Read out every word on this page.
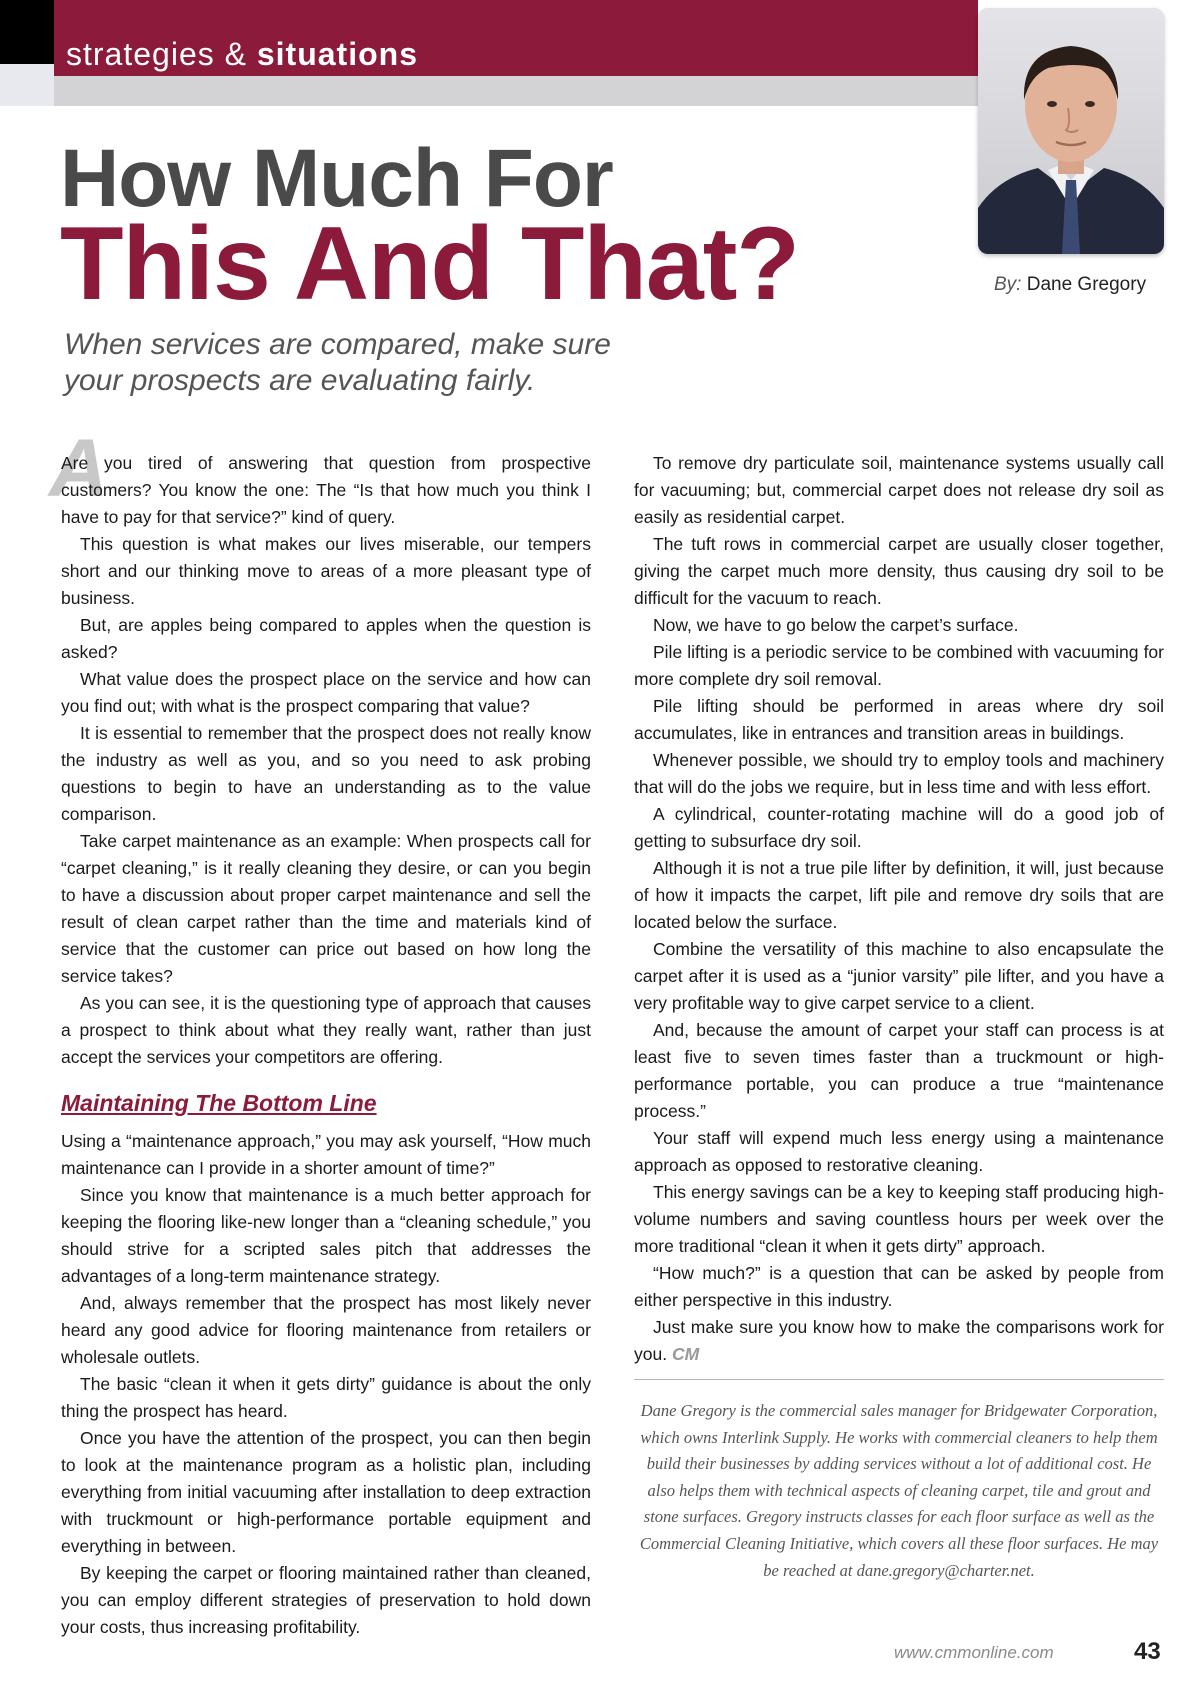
strategies & situations
By: Dane Gregory
How Much For
This And That?
When services are compared, make sure
your prospects are evaluating fairly.
A

Are you tired of answering that question from prospective customers? You know the one: The “Is that how much you think I have to pay for that service?” kind of query.

This question is what makes our lives miserable, our tempers short and our thinking move to areas of a more pleasant type of business.

But, are apples being compared to apples when the question is asked?

What value does the prospect place on the service and how can you find out; with what is the prospect comparing that value?

It is essential to remember that the prospect does not really know the industry as well as you, and so you need to ask probing questions to begin to have an understanding as to the value comparison.

Take carpet maintenance as an example: When prospects call for “carpet cleaning,” is it really cleaning they desire, or can you begin to have a discussion about proper carpet maintenance and sell the result of clean carpet rather than the time and materials kind of service that the customer can price out based on how long the service takes?

As you can see, it is the questioning type of approach that causes a prospect to think about what they really want, rather than just accept the services your competitors are offering.

Maintaining The Bottom Line

Using a “maintenance approach,” you may ask yourself, “How much maintenance can I provide in a shorter amount of time?”

Since you know that maintenance is a much better approach for keeping the flooring like-new longer than a “cleaning schedule,” you should strive for a scripted sales pitch that addresses the advantages of a long-term maintenance strategy.

And, always remember that the prospect has most likely never heard any good advice for flooring maintenance from retailers or wholesale outlets.

The basic “clean it when it gets dirty” guidance is about the only thing the prospect has heard.

Once you have the attention of the prospect, you can then begin to look at the maintenance program as a holistic plan, including everything from initial vacuuming after installation to deep extraction with truckmount or high-performance portable equipment and everything in between.

By keeping the carpet or flooring maintained rather than cleaned, you can employ different strategies of preservation to hold down your costs, thus increasing profitability.

To remove dry particulate soil, maintenance systems usually call for vacuuming; but, commercial carpet does not release dry soil as easily as residential carpet.

The tuft rows in commercial carpet are usually closer together, giving the carpet much more density, thus causing dry soil to be difficult for the vacuum to reach.

Now, we have to go below the carpet’s surface.

Pile lifting is a periodic service to be combined with vacuuming for more complete dry soil removal.

Pile lifting should be performed in areas where dry soil accumulates, like in entrances and transition areas in buildings.

Whenever possible, we should try to employ tools and machinery that will do the jobs we require, but in less time and with less effort.

A cylindrical, counter-rotating machine will do a good job of getting to subsurface dry soil.

Although it is not a true pile lifter by definition, it will, just because of how it impacts the carpet, lift pile and remove dry soils that are located below the surface.

Combine the versatility of this machine to also encapsulate the carpet after it is used as a “junior varsity” pile lifter, and you have a very profitable way to give carpet service to a client.

And, because the amount of carpet your staff can process is at least five to seven times faster than a truckmount or high-performance portable, you can produce a true “maintenance process.”

Your staff will expend much less energy using a maintenance approach as opposed to restorative cleaning.

This energy savings can be a key to keeping staff producing high-volume numbers and saving countless hours per week over the more traditional “clean it when it gets dirty” approach.

“How much?” is a question that can be asked by people from either perspective in this industry.

Just make sure you know how to make the comparisons work for you. CM

Dane Gregory is the commercial sales manager for Bridgewater Corporation, which owns Interlink Supply. He works with commercial cleaners to help them build their businesses by adding services without a lot of additional cost. He also helps them with technical aspects of cleaning carpet, tile and grout and stone surfaces. Gregory instructs classes for each floor surface as well as the Commercial Cleaning Initiative, which covers all these floor surfaces. He may be reached at dane.gregory@charter.net.
www.cmmonline.com	43
